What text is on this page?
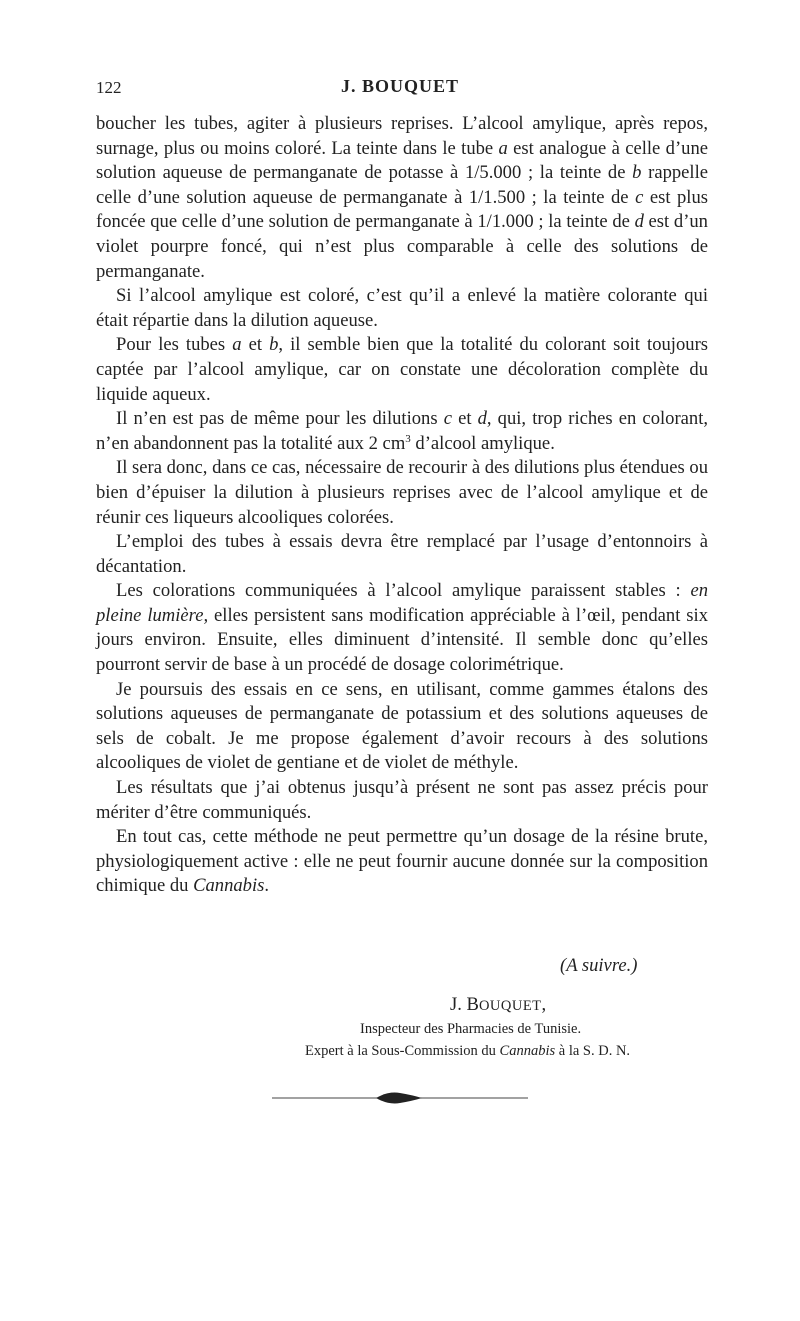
122	J. BOUQUET

boucher les tubes, agiter à plusieurs reprises. L’alcool amylique, après repos, surnage, plus ou moins coloré. La teinte dans le tube a est analogue à celle d’une solution aqueuse de permanganate de potasse à 1/5.000 ; la teinte de b rappelle celle d’une solution aqueuse de permanganate à 1/1.500 ; la teinte de c est plus foncée que celle d’une solution de permanganate à 1/1.000 ; la teinte de d est d’un violet pourpre foncé, qui n’est plus comparable à celle des solutions de permanganate.

Si l’alcool amylique est coloré, c’est qu’il a enlevé la matière colorante qui était répartie dans la dilution aqueuse.

Pour les tubes a et b, il semble bien que la totalité du colorant soit toujours captée par l’alcool amylique, car on constate une décoloration complète du liquide aqueux.

Il n’en est pas de même pour les dilutions c et d, qui, trop riches en colorant, n’en abandonnent pas la totalité aux 2 $cm^3$ d’alcool amylique.

Il sera donc, dans ce cas, nécessaire de recourir à des dilutions plus étendues ou bien d’épuiser la dilution à plusieurs reprises avec de l’alcool amylique et de réunir ces liqueurs alcooliques colorées.

L’emploi des tubes à essais devra être remplacé par l’usage d’entonnoirs à décantation.

Les colorations communiquées à l’alcool amylique paraissent stables : en pleine lumière, elles persistent sans modification appréciable à l’œil, pendant six jours environ. Ensuite, elles diminuent d’intensité. Il semble donc qu’elles pourront servir de base à un procédé de dosage colorimétrique.

Je poursuis des essais en ce sens, en utilisant, comme gammes étalons des solutions aqueuses de permanganate de potassium et des solutions aqueuses de sels de cobalt. Je me propose également d’avoir recours à des solutions alcooliques de violet de gentiane et de violet de méthyle.

Les résultats que j’ai obtenus jusqu’à présent ne sont pas assez précis pour mériter d’être communiqués.

En tout cas, cette méthode ne peut permettre qu’un dosage de la résine brute, physiologiquement active : elle ne peut fournir aucune donnée sur la composition chimique du Cannabis.

(A suivre.)
J. BOUQUET,
Inspecteur des Pharmacies de Tunisie.
Expert à la Sous-Commission du Cannabis à la S. D. N.
